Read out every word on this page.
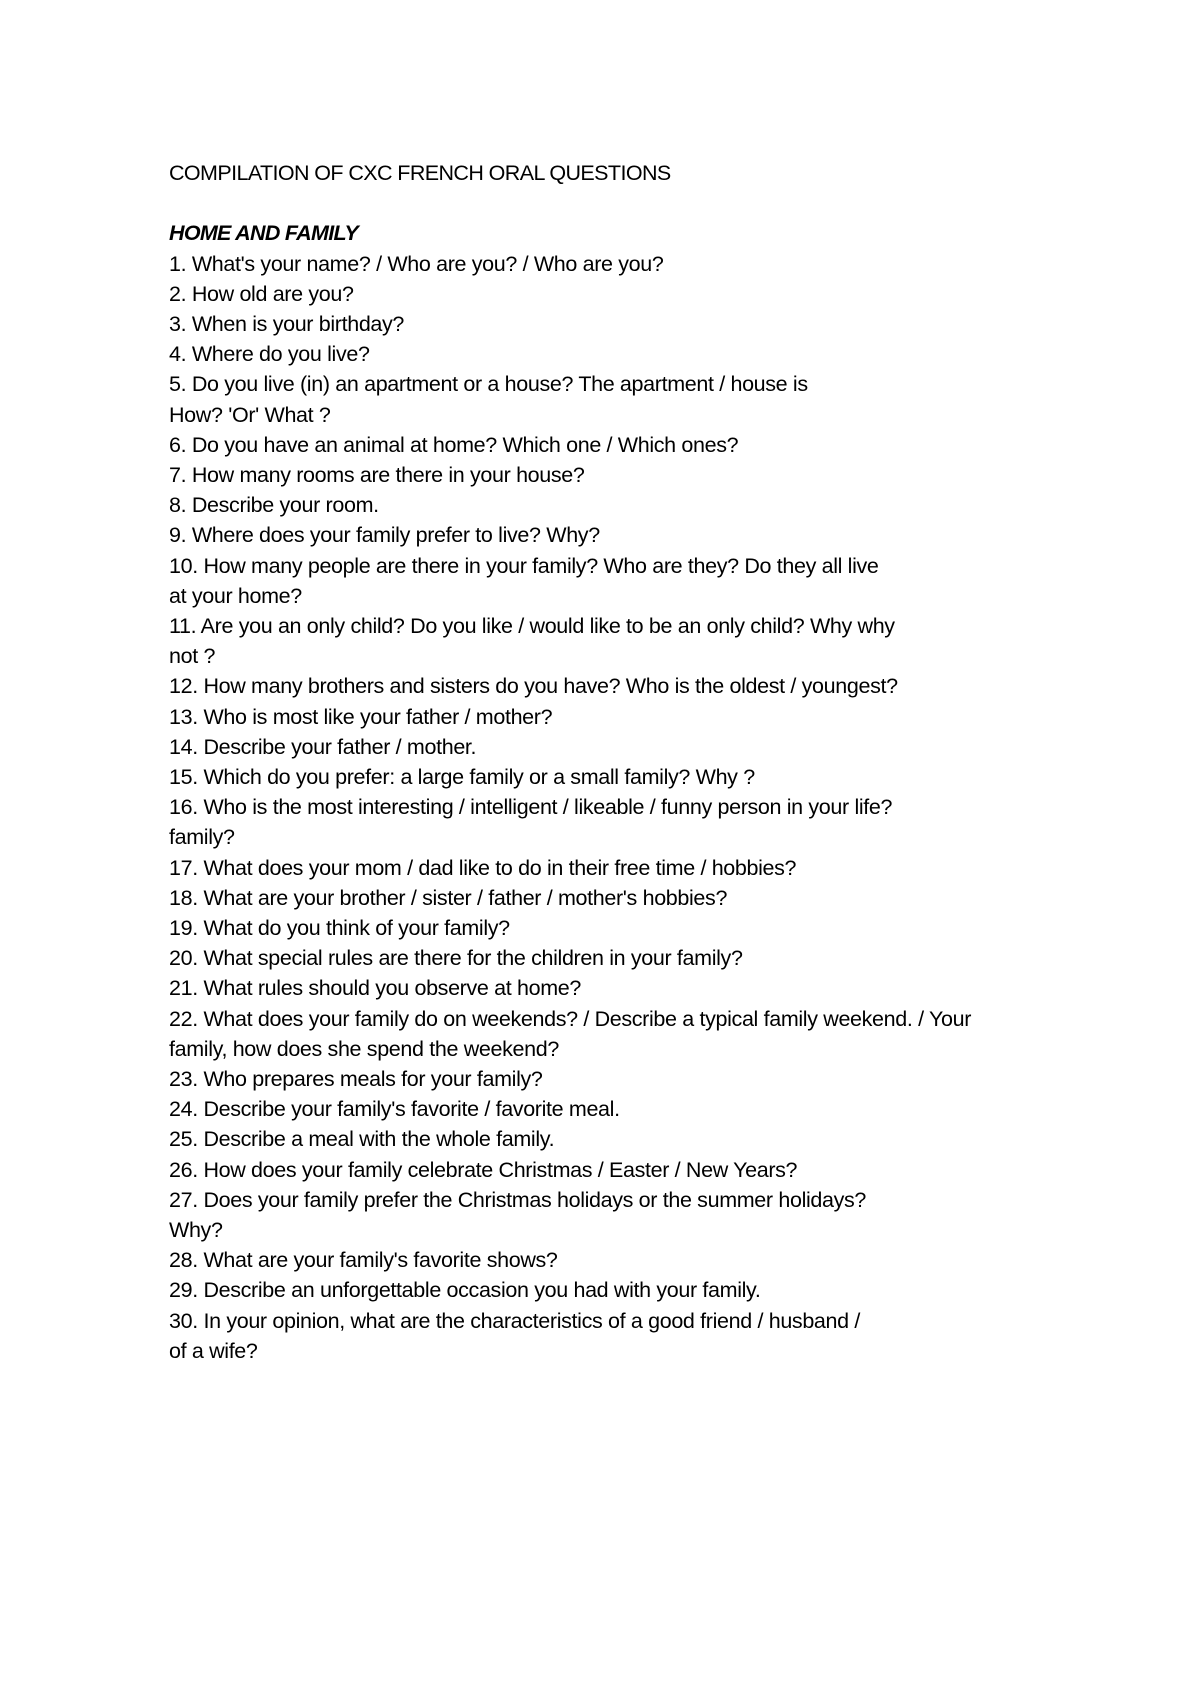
COMPILATION OF CXC FRENCH ORAL QUESTIONS
HOME AND FAMILY
1. What's your name? / Who are you? / Who are you?
2. How old are you?
3. When is your birthday?
4. Where do you live?
5. Do you live (in) an apartment or a house? The apartment / house is
How? 'Or' What ?
6. Do you have an animal at home? Which one / Which ones?
7. How many rooms are there in your house?
8. Describe your room.
9. Where does your family prefer to live? Why?
10. How many people are there in your family? Who are they? Do they all live
at your home?
11. Are you an only child? Do you like / would like to be an only child? Why why
not ?
12. How many brothers and sisters do you have? Who is the oldest / youngest?
13. Who is most like your father / mother?
14. Describe your father / mother.
15. Which do you prefer: a large family or a small family? Why ?
16. Who is the most interesting / intelligent / likeable / funny person in your life?
family?
17. What does your mom / dad like to do in their free time / hobbies?
18. What are your brother / sister / father / mother's hobbies?
19. What do you think of your family?
20. What special rules are there for the children in your family?
21. What rules should you observe at home?
22. What does your family do on weekends? / Describe a typical family weekend. / Your
family, how does she spend the weekend?
23. Who prepares meals for your family?
24. Describe your family's favorite / favorite meal.
25. Describe a meal with the whole family.
26. How does your family celebrate Christmas / Easter / New Years?
27. Does your family prefer the Christmas holidays or the summer holidays?
Why?
28. What are your family's favorite shows?
29. Describe an unforgettable occasion you had with your family.
30. In your opinion, what are the characteristics of a good friend / husband /
of a wife?
